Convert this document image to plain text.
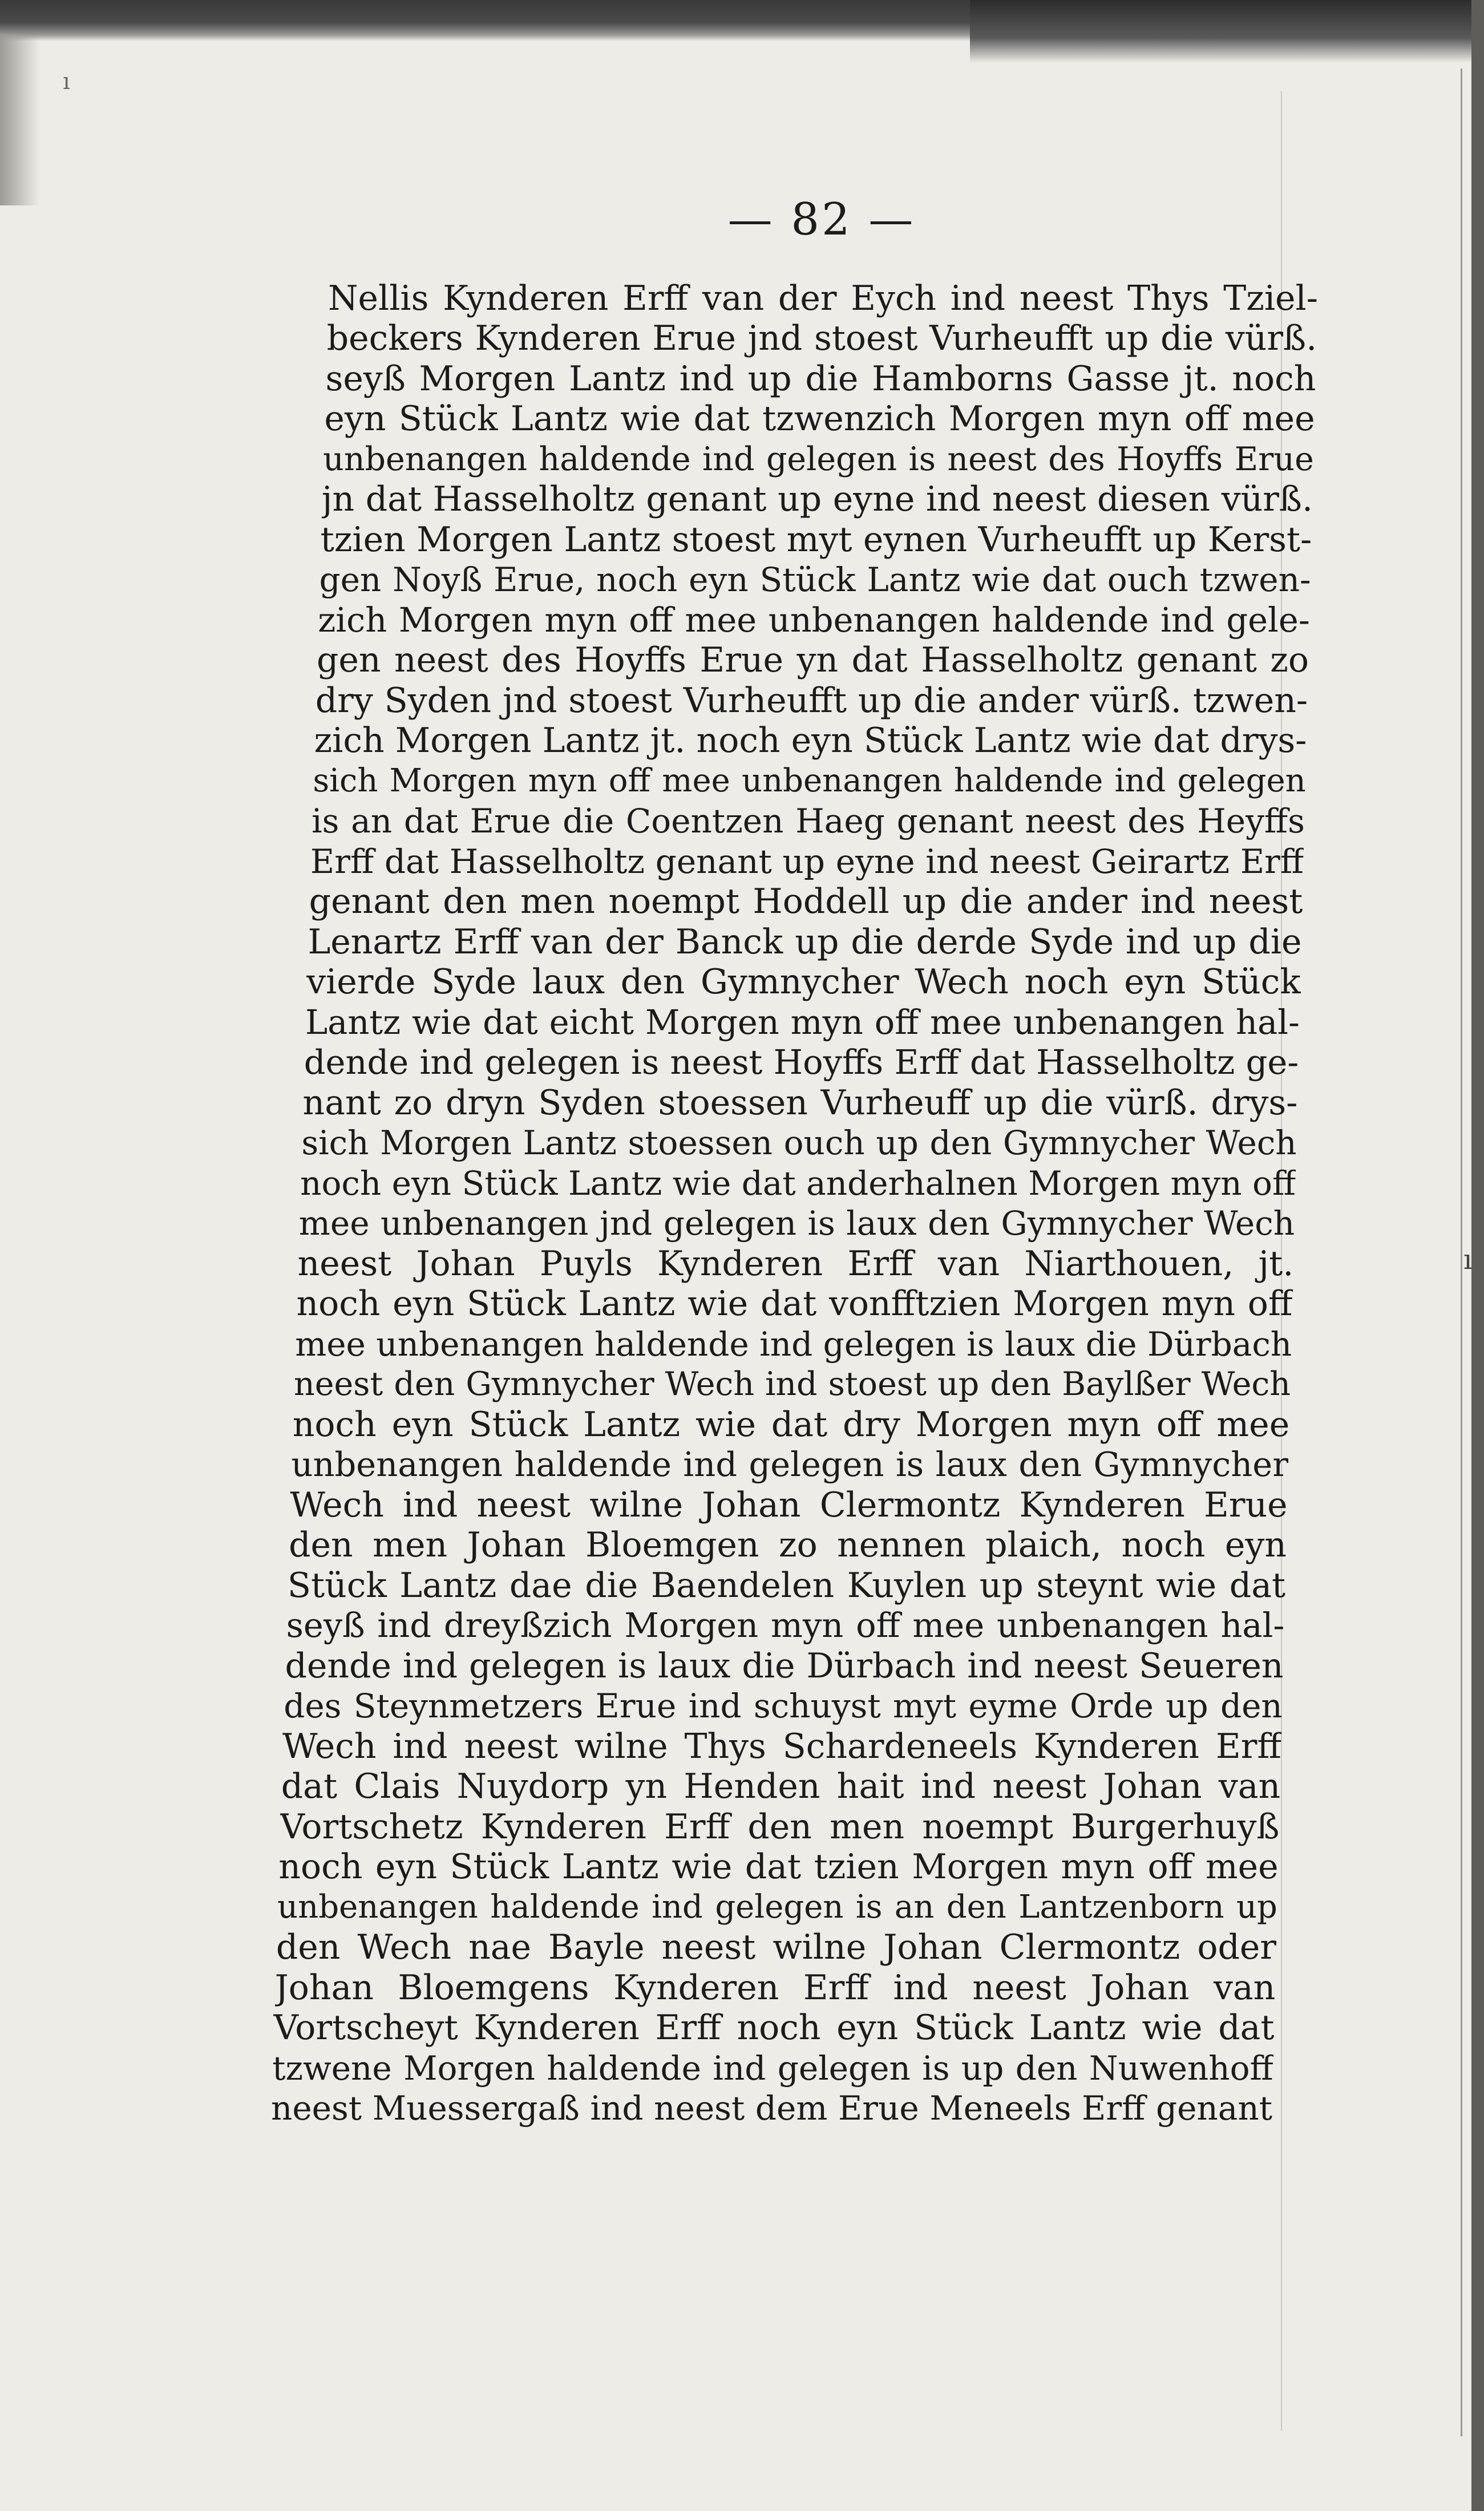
ı
ı
— 82 —
Nellis Kynderen Erff van der Eych ind neest Thys Tziel-
beckers Kynderen Erue jnd stoest Vurheufft up die vürß.
seyß Morgen Lantz ind up die Hamborns Gasse jt. noch
eyn Stück Lantz wie dat tzwenzich Morgen myn off mee
unbenangen haldende ind gelegen is neest des Hoyffs Erue
jn dat Hasselholtz genant up eyne ind neest diesen vürß.
tzien Morgen Lantz stoest myt eynen Vurheufft up Kerst-
gen Noyß Erue, noch eyn Stück Lantz wie dat ouch tzwen-
zich Morgen myn off mee unbenangen haldende ind gele-
gen neest des Hoyffs Erue yn dat Hasselholtz genant zo
dry Syden jnd stoest Vurheufft up die ander vürß. tzwen-
zich Morgen Lantz jt. noch eyn Stück Lantz wie dat drys-
sich Morgen myn off mee unbenangen haldende ind gelegen
is an dat Erue die Coentzen Haeg genant neest des Heyffs
Erff dat Hasselholtz genant up eyne ind neest Geirartz Erff
genant den men noempt Hoddell up die ander ind neest
Lenartz Erff van der Banck up die derde Syde ind up die
vierde Syde laux den Gymnycher Wech noch eyn Stück
Lantz wie dat eicht Morgen myn off mee unbenangen hal-
dende ind gelegen is neest Hoyffs Erff dat Hasselholtz ge-
nant zo dryn Syden stoessen Vurheuff up die vürß. drys-
sich Morgen Lantz stoessen ouch up den Gymnycher Wech
noch eyn Stück Lantz wie dat anderhalnen Morgen myn off
mee unbenangen jnd gelegen is laux den Gymnycher Wech
neest Johan Puyls Kynderen Erff van Niarthouen, jt.
noch eyn Stück Lantz wie dat vonfftzien Morgen myn off
mee unbenangen haldende ind gelegen is laux die Dürbach
neest den Gymnycher Wech ind stoest up den Baylßer Wech
noch eyn Stück Lantz wie dat dry Morgen myn off mee
unbenangen haldende ind gelegen is laux den Gymnycher
Wech ind neest wilne Johan Clermontz Kynderen Erue
den men Johan Bloemgen zo nennen plaich, noch eyn
Stück Lantz dae die Baendelen Kuylen up steynt wie dat
seyß ind dreyßzich Morgen myn off mee unbenangen hal-
dende ind gelegen is laux die Dürbach ind neest Seueren
des Steynmetzers Erue ind schuyst myt eyme Orde up den
Wech ind neest wilne Thys Schardeneels Kynderen Erff
dat Clais Nuydorp yn Henden hait ind neest Johan van
Vortschetz Kynderen Erff den men noempt Burgerhuyß
noch eyn Stück Lantz wie dat tzien Morgen myn off mee
unbenangen haldende ind gelegen is an den Lantzenborn up
den Wech nae Bayle neest wilne Johan Clermontz oder
Johan Bloemgens Kynderen Erff ind neest Johan van
Vortscheyt Kynderen Erff noch eyn Stück Lantz wie dat
tzwene Morgen haldende ind gelegen is up den Nuwenhoff
neest Muessergaß ind neest dem Erue Meneels Erff genant
